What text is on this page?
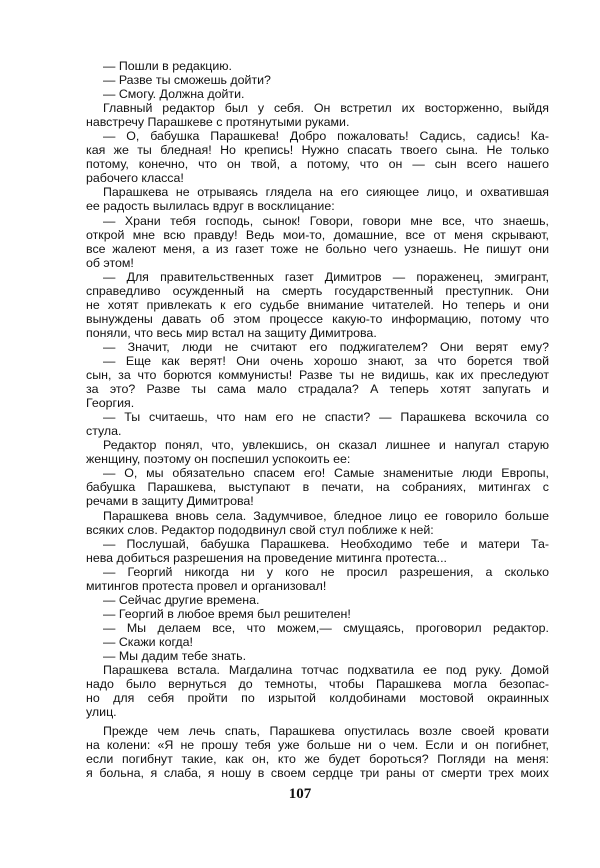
— Пошли в редакцию.
— Разве ты сможешь дойти?
— Смогу. Должна дойти.
Главный редактор был у себя. Он встретил их восторженно, выйдя
навстречу Парашкеве с протянутыми руками.
— О, бабушка Парашкева! Добро пожаловать! Садись, садись! Ка-
кая же ты бледная! Но крепись! Нужно спасать твоего сына. Не только
потому, конечно, что он твой, а потому, что он — сын всего нашего
рабочего класса!
Парашкева не отрываясь глядела на его сияющее лицо, и охватившая
ее радость вылилась вдруг в восклицание:
— Храни тебя господь, сынок! Говори, говори мне все, что знаешь,
открой мне всю правду! Ведь мои-то, домашние, все от меня скрывают,
все жалеют меня, а из газет тоже не больно чего узнаешь. Не пишут они
об этом!
— Для правительственных газет Димитров — пораженец, эмигрант,
справедливо осужденный на смерть государственный преступник. Они
не хотят привлекать к его судьбе внимание читателей. Но теперь и они
вынуждены давать об этом процессе какую-то информацию, потому что
поняли, что весь мир встал на защиту Димитрова.
— Значит, люди не считают его поджигателем? Они верят ему?
— Еще как верят! Они очень хорошо знают, за что борется твой
сын, за что борются коммунисты! Разве ты не видишь, как их преследуют
за это? Разве ты сама мало страдала? А теперь хотят запугать и
Георгия.
— Ты считаешь, что нам его не спасти? — Парашкева вскочила со
стула.
Редактор понял, что, увлекшись, он сказал лишнее и напугал старую
женщину, поэтому он поспешил успокоить ее:
— О, мы обязательно спасем его! Самые знаменитые люди Европы,
бабушка Парашкева, выступают в печати, на собраниях, митингах с
речами в защиту Димитрова!
Парашкева вновь села. Задумчивое, бледное лицо ее говорило больше
всяких слов. Редактор пододвинул свой стул поближе к ней:
— Послушай, бабушка Парашкева. Необходимо тебе и матери Та-
нева добиться разрешения на проведение митинга протеста...
— Георгий никогда ни у кого не просил разрешения, а сколько
митингов протеста провел и организовал!
— Сейчас другие времена.
— Георгий в любое время был решителен!
— Мы делаем все, что можем,— смущаясь, проговорил редактор.
— Скажи когда!
— Мы дадим тебе знать.
Парашкева встала. Магдалина тотчас подхватила ее под руку. Домой
надо было вернуться до темноты, чтобы Парашкева могла безопас-
но для себя пройти по изрытой колдобинами мостовой окраинных
улиц.
Прежде чем лечь спать, Парашкева опустилась возле своей кровати
на колени: «Я не прошу тебя уже больше ни о чем. Если и он погибнет,
если погибнут такие, как он, кто же будет бороться? Погляди на меня:
я больна, я слаба, я ношу в своем сердце три раны от смерти трех моих
107
